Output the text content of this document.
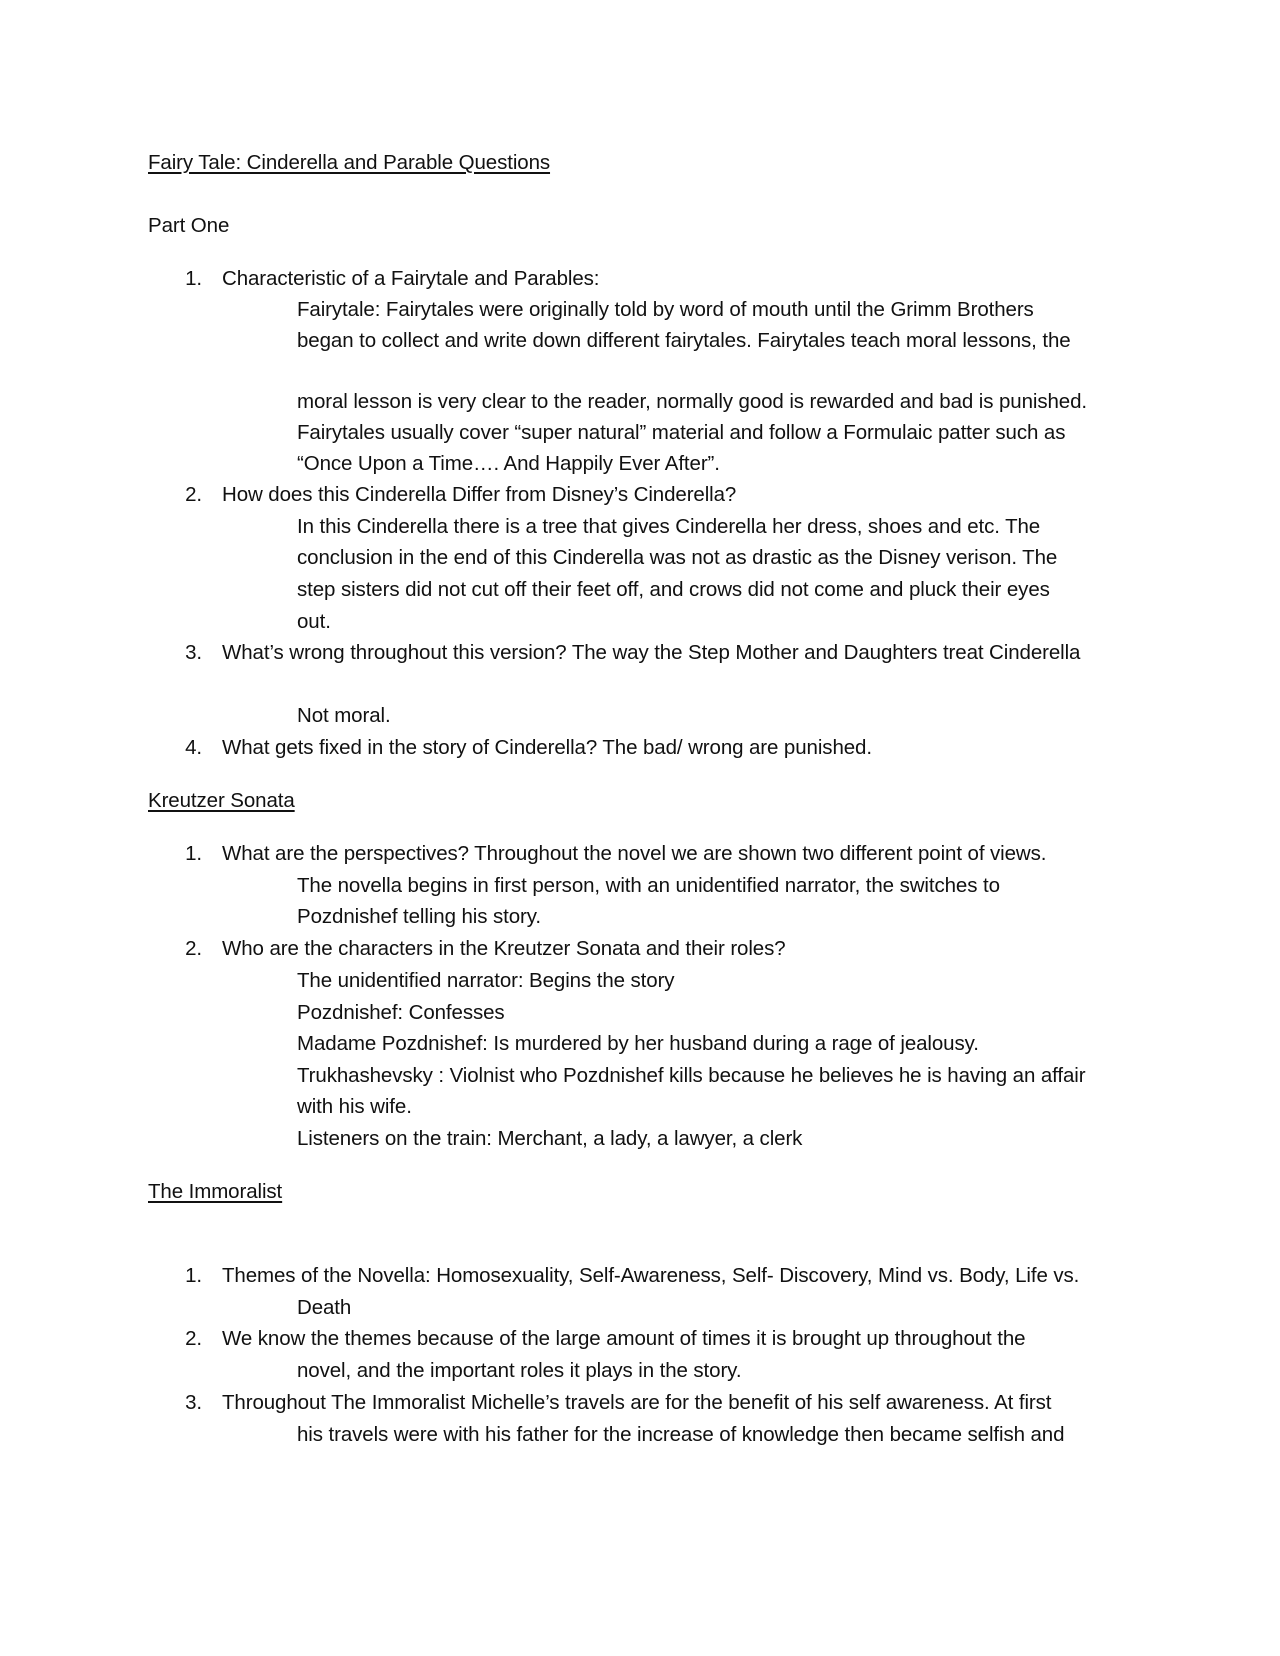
Fairy Tale: Cinderella and Parable Questions
Part One
1. Characteristic of a Fairytale and Parables:
Fairytale: Fairytales were originally told by word of mouth until the Grimm Brothers
began to collect and write down different fairytales. Fairytales teach moral lessons, the
moral lesson is very clear to the reader, normally good is rewarded and bad is punished.
Fairytales usually cover “super natural” material and follow a Formulaic patter such as
“Once Upon a Time…. And Happily Ever After”.
2. How does this Cinderella Differ from Disney’s Cinderella?
In this Cinderella there is a tree that gives Cinderella her dress, shoes and etc. The
conclusion in the end of this Cinderella was not as drastic as the Disney verison. The
step sisters did not cut off their feet off, and crows did not come and pluck their eyes
out.
3. What’s wrong throughout this version? The way the Step Mother and Daughters treat Cinderella
Not moral.
4. What gets fixed in the story of Cinderella? The bad/ wrong are punished.
Kreutzer Sonata
1. What are the perspectives? Throughout the novel we are shown two different point of views.
The novella begins in first person, with an unidentified narrator, the switches to
Pozdnishef telling his story.
2. Who are the characters in the Kreutzer Sonata and their roles?
The unidentified narrator: Begins the story
Pozdnishef: Confesses
Madame Pozdnishef: Is murdered by her husband during a rage of jealousy.
Trukhashevsky : Violnist who Pozdnishef kills because he believes he is having an affair
with his wife.
Listeners on the train: Merchant, a lady, a lawyer, a clerk
The Immoralist
1. Themes of the Novella: Homosexuality, Self-Awareness, Self- Discovery, Mind vs. Body, Life vs.
Death
2. We know the themes because of the large amount of times it is brought up throughout the
novel, and the important roles it plays in the story.
3. Throughout The Immoralist Michelle’s travels are for the benefit of his self awareness. At first
his travels were with his father for the increase of knowledge then became selfish and
